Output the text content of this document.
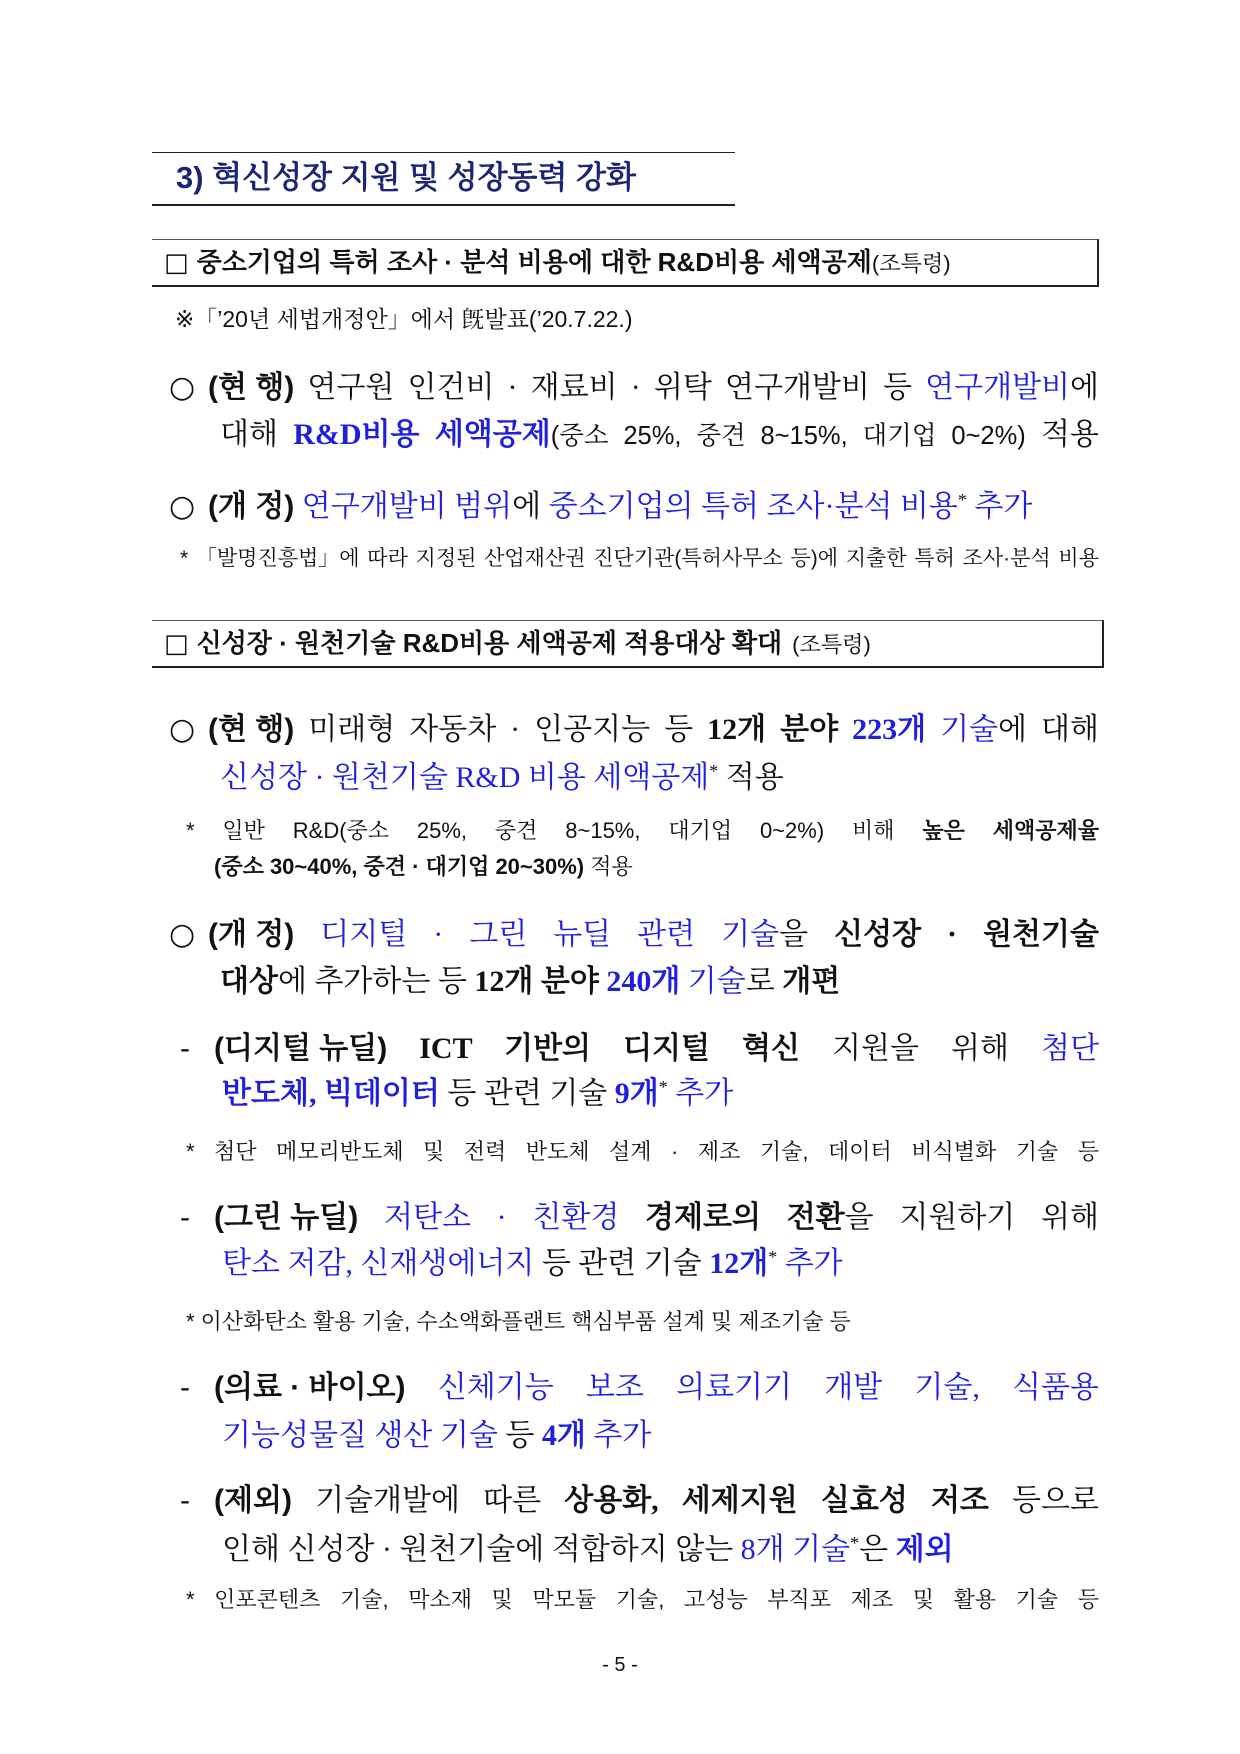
3) 혁신성장 지원 및 성장동력 강화
□ 중소기업의 특허 조사 · 분석 비용에 대한 R&D비용 세액공제(조특령)
※「’20년 세법개정안」에서 旣발표(’20.7.22.)
○ (현 행) 연구원 인건비 · 재료비 · 위탁 연구개발비 등 연구개발비에
대해 R&D비용 세액공제(중소 25%, 중견 8~15%, 대기업 0~2%) 적용
○ (개 정) 연구개발비 범위에 중소기업의 특허 조사·분석 비용* 추가
* 「발명진흥법」에 따라 지정된 산업재산권 진단기관(특허사무소 등)에 지출한 특허 조사·분석 비용
□ 신성장 · 원천기술 R&D비용 세액공제 적용대상 확대 (조특령)
○ (현 행) 미래형 자동차 · 인공지능 등 12개 분야 223개 기술에 대해
신성장 · 원천기술 R&D 비용 세액공제* 적용
* 일반 R&D(중소 25%, 중견 8~15%, 대기업 0~2%) 비해 높은 세액공제율
(중소 30~40%, 중견 · 대기업 20~30%) 적용
○ (개 정) 디지털 · 그린 뉴딜 관련 기술을 신성장 · 원천기술
대상에 추가하는 등 12개 분야 240개 기술로 개편
- (디지털 뉴딜) ICT 기반의 디지털 혁신 지원을 위해 첨단
반도체, 빅데이터 등 관련 기술 9개* 추가
* 첨단 메모리반도체 및 전력 반도체 설계 · 제조 기술, 데이터 비식별화 기술 등
- (그린 뉴딜) 저탄소 · 친환경 경제로의 전환을 지원하기 위해
탄소 저감, 신재생에너지 등 관련 기술 12개* 추가
* 이산화탄소 활용 기술, 수소액화플랜트 핵심부품 설계 및 제조기술 등
- (의료 · 바이오) 신체기능 보조 의료기기 개발 기술, 식품용
기능성물질 생산 기술 등 4개 추가
- (제외) 기술개발에 따른 상용화, 세제지원 실효성 저조 등으로
인해 신성장 · 원천기술에 적합하지 않는 8개 기술*은 제외
* 인포콘텐츠 기술, 막소재 및 막모듈 기술, 고성능 부직포 제조 및 활용 기술 등
- 5 -
